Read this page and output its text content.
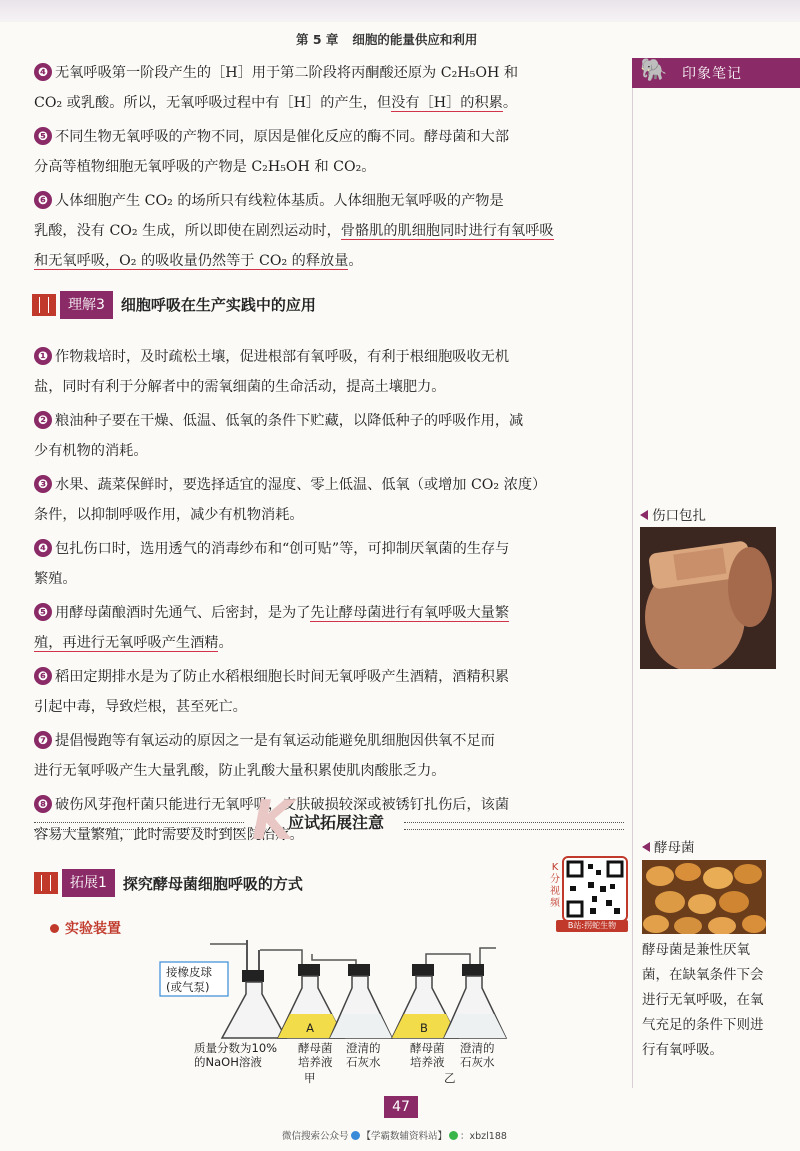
第 5 章 细胞的能量供应和利用
🐘	印象笔记

❹ 无氧呼吸第一阶段产生的［H］用于第二阶段将丙酮酸还原为 C₂H₅OH 和
CO₂ 或乳酸。所以，无氧呼吸过程中有［H］的产生，但没有［H］的积累。

❺ 不同生物无氧呼吸的产物不同，原因是催化反应的酶不同。酵母菌和大部
分高等植物细胞无氧呼吸的产物是 C₂H₅OH 和 CO₂。

❻ 人体细胞产生 CO₂ 的场所只有线粒体基质。人体细胞无氧呼吸的产物是
乳酸，没有 CO₂ 生成，所以即使在剧烈运动时，骨骼肌的肌细胞同时进行有氧呼吸
和无氧呼吸，O₂ 的吸收量仍然等于 CO₂ 的释放量。

理解3	细胞呼吸在生产实践中的应用

❶ 作物栽培时，及时疏松土壤，促进根部有氧呼吸，有利于根细胞吸收无机
盐，同时有利于分解者中的需氧细菌的生命活动，提高土壤肥力。

❷ 粮油种子要在干燥、低温、低氧的条件下贮藏，以降低种子的呼吸作用，减
少有机物的消耗。

❸ 水果、蔬菜保鲜时，要选择适宜的湿度、零上低温、低氧（或增加 CO₂ 浓度）
条件，以抑制呼吸作用，减少有机物消耗。

❹ 包扎伤口时，选用透气的消毒纱布和“创可贴”等，可抑制厌氧菌的生存与
繁殖。

❺ 用酵母菌酿酒时先通气、后密封，是为了先让酵母菌进行有氧呼吸大量繁
殖，再进行无氧呼吸产生酒精。

❻ 稻田定期排水是为了防止水稻根细胞长时间无氧呼吸产生酒精，酒精积累
引起中毒，导致烂根，甚至死亡。

❼ 提倡慢跑等有氧运动的原因之一是有氧运动能避免肌细胞因供氧不足而
进行无氧呼吸产生大量乳酸，防止乳酸大量积累使肌肉酸胀乏力。

❽ 破伤风芽孢杆菌只能进行无氧呼吸，皮肤破损较深或被锈钉扎伤后，该菌
容易大量繁殖，此时需要及时到医院治疗。

伤口包扎
酵母菌
酵母菌是兼性厌氧菌，在缺氧条件下会进行无氧呼吸，在氧气充足的条件下则进行有氧呼吸。
K
应试拓展注意
拓展1	探究酵母菌细胞呼吸的方式
实验装置
K分视频
B站:拐蛇生物
A	B
接橡皮球
(或气泵)
质量分数为10%
的NaOH溶液
酵母菌
培养液
澄清的
石灰水
甲
酵母菌
培养液
澄清的
石灰水
乙
47
微信搜索公众号 【学霸数辅资料站】 ：xbzl188
